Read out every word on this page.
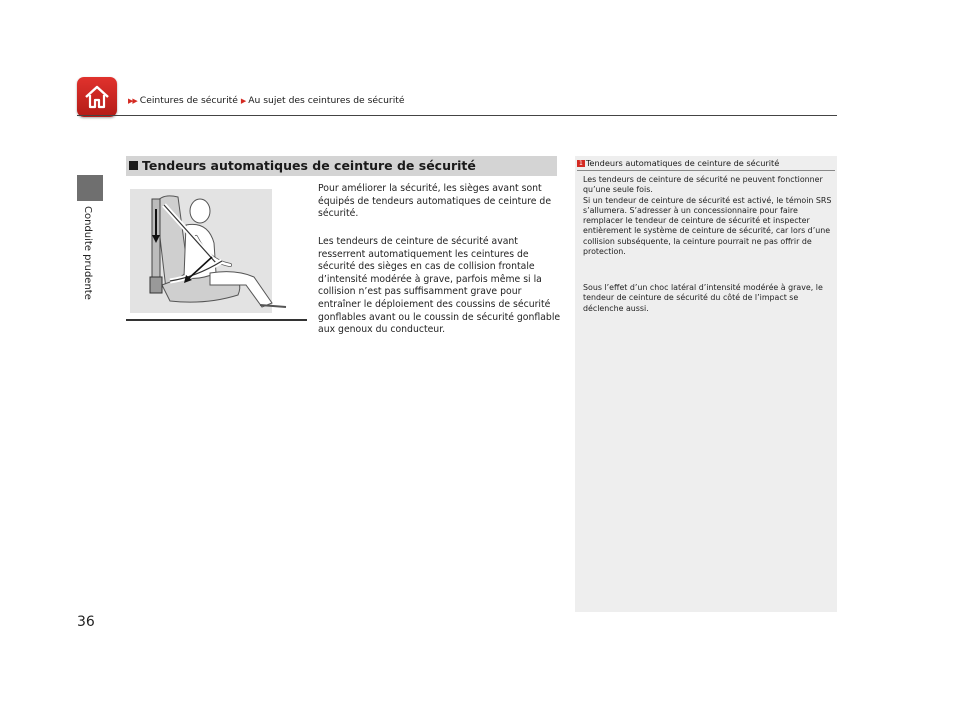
▶▶ Ceintures de sécurité ▶ Au sujet des ceintures de sécurité
Conduite prudente
Tendeurs automatiques de ceinture de sécurité
Pour améliorer la sécurité, les sièges avant sont équipés de tendeurs automatiques de ceinture de sécurité.
Les tendeurs de ceinture de sécurité avant resserrent automatiquement les ceintures de sécurité des sièges en cas de collision frontale d’intensité modérée à grave, parfois même si la collision n’est pas suffisamment grave pour entraîner le déploiement des coussins de sécurité gonflables avant ou le coussin de sécurité gonflable aux genoux du conducteur.
1 Tendeurs automatiques de ceinture de sécurité
Les tendeurs de ceinture de sécurité ne peuvent fonctionner qu’une seule fois.
Si un tendeur de ceinture de sécurité est activé, le témoin SRS s’allumera. S’adresser à un concessionnaire pour faire remplacer le tendeur de ceinture de sécurité et inspecter entièrement le système de ceinture de sécurité, car lors d’une collision subséquente, la ceinture pourrait ne pas offrir de protection.
Sous l’effet d’un choc latéral d’intensité modérée à grave, le tendeur de ceinture de sécurité du côté de l’impact se déclenche aussi.
36
